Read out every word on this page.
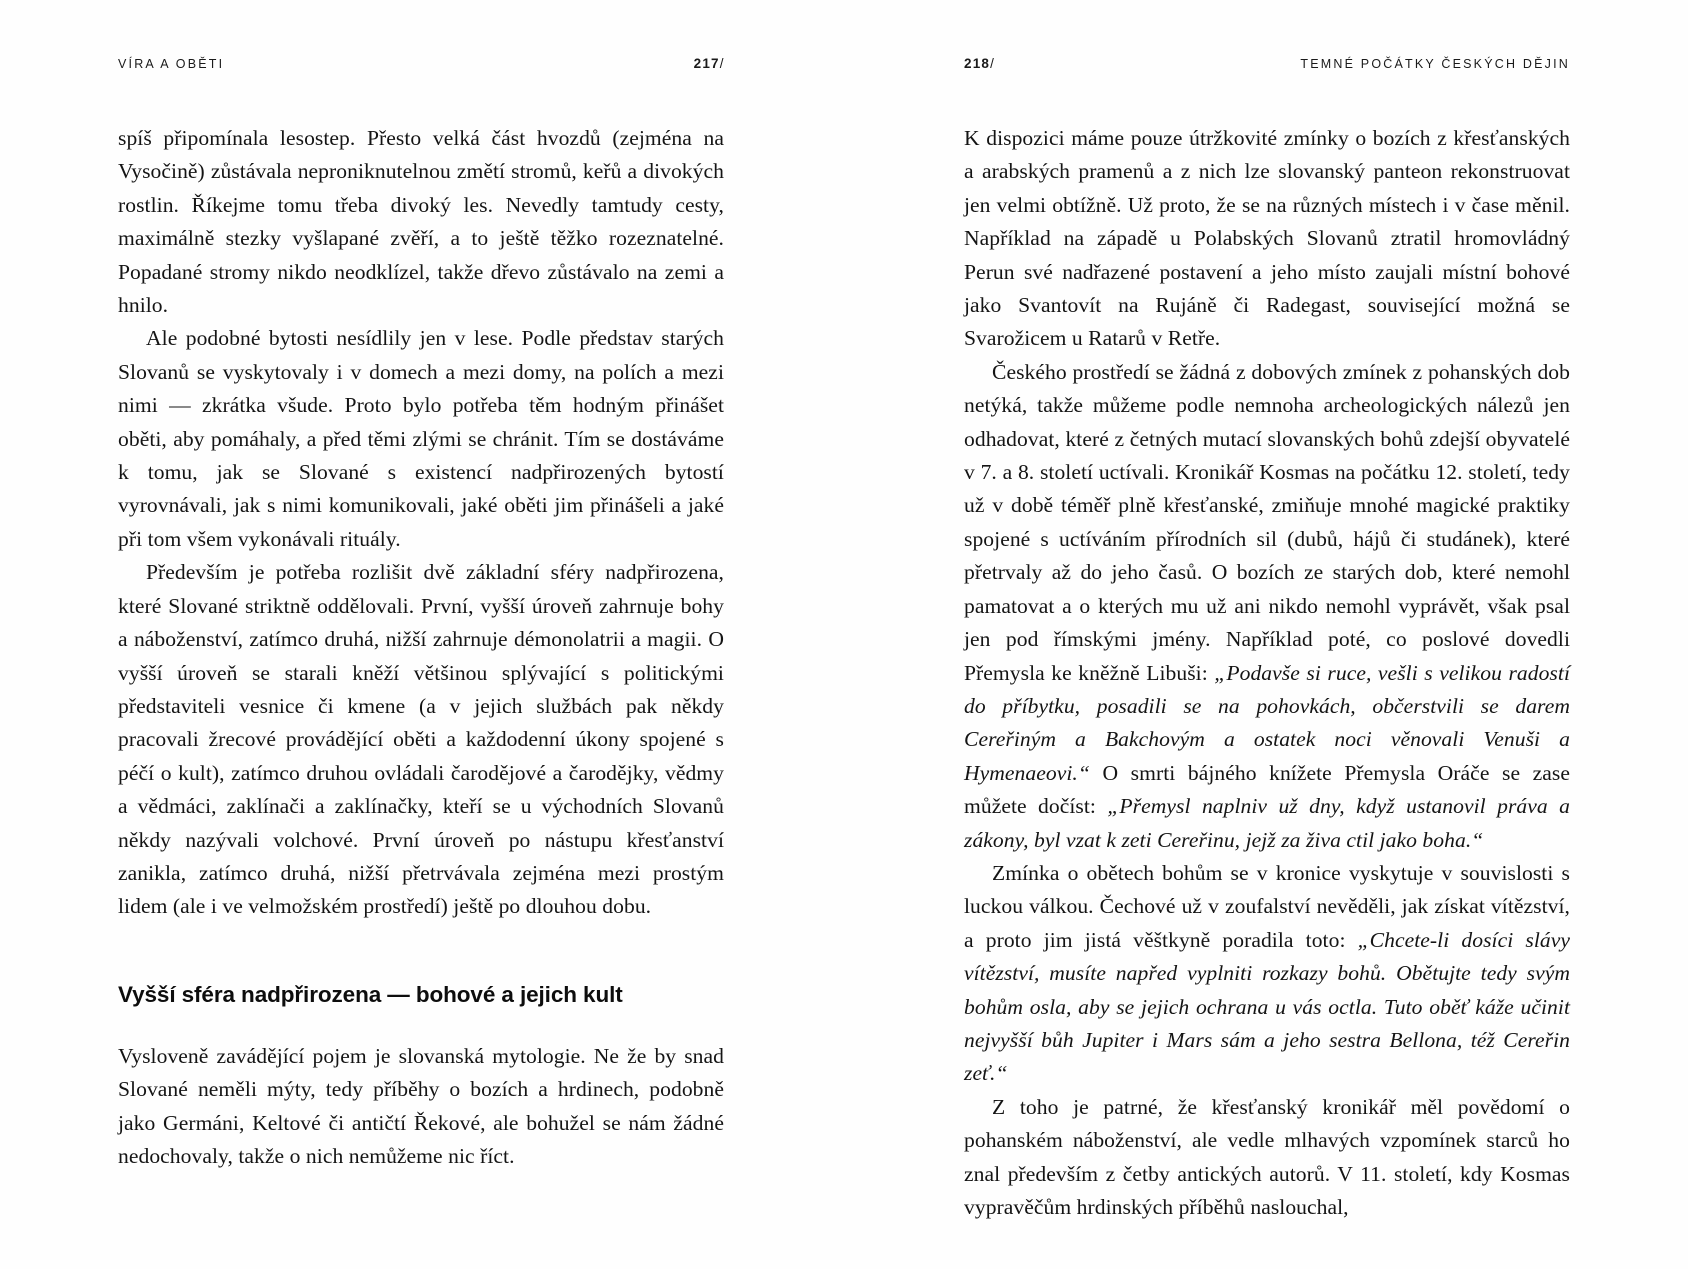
VÍRA A OBĚTI	217/

spíš připomínala lesostep. Přesto velká část hvozdů (zejména na Vysočině) zůstávala neproniknutelnou změtí stromů, keřů a divokých rostlin. Říkejme tomu třeba divoký les. Nevedly tamtudy cesty, maximálně stezky vyšlapané zvěří, a to ještě těžko rozeznatelné. Popadané stromy nikdo neodklízel, takže dřevo zůstávalo na zemi a hnilo.

Ale podobné bytosti nesídlily jen v lese. Podle představ starých Slovanů se vyskytovaly i v domech a mezi domy, na polích a mezi nimi — zkrátka všude. Proto bylo potřeba těm hodným přinášet oběti, aby pomáhaly, a před těmi zlými se chránit. Tím se dostáváme k tomu, jak se Slované s existencí nadpřirozených bytostí vyrovnávali, jak s nimi komunikovali, jaké oběti jim přinášeli a jaké při tom všem vykonávali rituály.

Především je potřeba rozlišit dvě základní sféry nadpřirozena, které Slované striktně oddělovali. První, vyšší úroveň zahrnuje bohy a náboženství, zatímco druhá, nižší zahrnuje démonolatrii a magii. O vyšší úroveň se starali kněží většinou splývající s politickými představiteli vesnice či kmene (a v jejich službách pak někdy pracovali žrecové provádějící oběti a každodenní úkony spojené s péčí o kult), zatímco druhou ovládali čarodějové a čarodějky, vědmy a vědmáci, zaklínači a zaklínačky, kteří se u východních Slovanů někdy nazývali volchové. První úroveň po nástupu křesťanství zanikla, zatímco druhá, nižší přetrvávala zejména mezi prostým lidem (ale i ve velmožském prostředí) ještě po dlouhou dobu.

Vyšší sféra nadpřirozena — bohové a jejich kult

Vysloveně zavádějící pojem je slovanská mytologie. Ne že by snad Slované neměli mýty, tedy příběhy o bozích a hrdinech, podobně jako Germáni, Keltové či antičtí Řekové, ale bohužel se nám žádné nedochovaly, takže o nich nemůžeme nic říct.

218/	TEMNÉ POČÁTKY ČESKÝCH DĚJIN

K dispozici máme pouze útržkovité zmínky o bozích z křesťanských a arabských pramenů a z nich lze slovanský panteon rekonstruovat jen velmi obtížně. Už proto, že se na různých místech i v čase měnil. Například na západě u Polabských Slovanů ztratil hromovládný Perun své nadřazené postavení a jeho místo zaujali místní bohové jako Svantovít na Rujáně či Radegast, související možná se Svarožicem u Ratarů v Retře.

Českého prostředí se žádná z dobových zmínek z pohanských dob netýká, takže můžeme podle nemnoha archeologických nálezů jen odhadovat, které z četných mutací slovanských bohů zdejší obyvatelé v 7. a 8. století uctívali. Kronikář Kosmas na počátku 12. století, tedy už v době téměř plně křesťanské, zmiňuje mnohé magické praktiky spojené s uctíváním přírodních sil (dubů, hájů či studánek), které přetrvaly až do jeho časů. O bozích ze starých dob, které nemohl pamatovat a o kterých mu už ani nikdo nemohl vyprávět, však psal jen pod římskými jmény. Například poté, co poslové dovedli Přemysla ke kněžně Libuši: „Podavše si ruce, vešli s velikou radostí do příbytku, posadili se na pohovkách, občerstvili se darem Cereřiným a Bakchovým a ostatek noci věnovali Venuši a Hymenaeovi.“ O smrti bájného knížete Přemysla Oráče se zase můžete dočíst: „Přemysl naplniv už dny, když ustanovil práva a zákony, byl vzat k zeti Cereřinu, jejž za živa ctil jako boha.“

Zmínka o obětech bohům se v kronice vyskytuje v souvislosti s luckou válkou. Čechové už v zoufalství nevěděli, jak získat vítězství, a proto jim jistá věštkyně poradila toto: „Chcete-li dosíci slávy vítězství, musíte napřed vyplniti rozkazy bohů. Obětujte tedy svým bohům osla, aby se jejich ochrana u vás octla. Tuto oběť káže učinit nejvyšší bůh Jupiter i Mars sám a jeho sestra Bellona, též Cereřin zeť.“

Z toho je patrné, že křesťanský kronikář měl povědomí o pohanském náboženství, ale vedle mlhavých vzpomínek starců ho znal především z četby antických autorů. V 11. století, kdy Kosmas vypravěčům hrdinských příběhů naslouchal,
